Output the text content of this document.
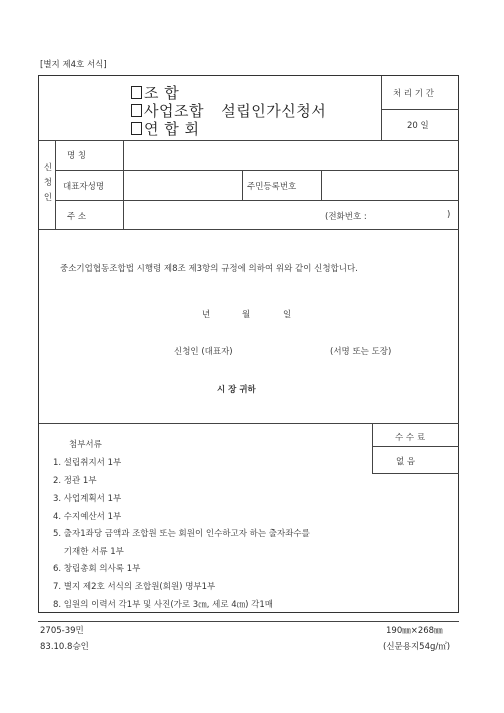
[별지 제4호 서식]
조 합
사업조합 설립인가신청서
연 합 회
처 리 기 간
20 일
신
청
인
명 칭
대표자성명	주민등록번호
주 소	(전화번호 :	)
중소기업협동조합법 시행령 제8조 제3항의 규정에 의하여 위와 같이 신청합니다.
년	월	일
신청인 (대표자)	(서명 또는 도장)
시 장 귀하
수 수 료
없 음
첨부서류
1. 설립취지서 1부
2. 정관 1부
3. 사업계획서 1부
4. 수지예산서 1부
5. 출자1좌당 금액과 조합원 또는 회원이 인수하고자 하는 출자좌수를
기재한 서류 1부
6. 창립총회 의사록 1부
7. 별지 제2호 서식의 조합원(회원) 명부1부
8. 임원의 이력서 각1부 및 사진(가로 3㎝, 세로 4㎝) 각1매
2705-39민
83.10.8승인
190㎜×268㎜
(신문용지54g/㎡)
